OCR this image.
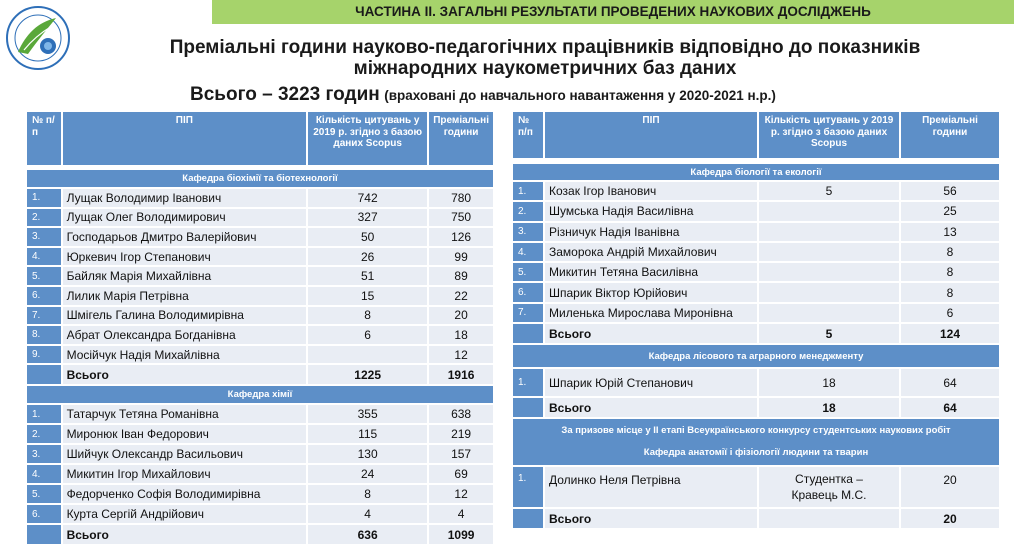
ЧАСТИНА ІІ. ЗАГАЛЬНІ РЕЗУЛЬТАТИ ПРОВЕДЕНИХ НАУКОВИХ ДОСЛІДЖЕНЬ
Преміальні години науково-педагогічних працівників відповідно до показників
міжнародних наукометричних баз даних
Всього – 3223 годин (враховані до навчального навантаження у 2020-2021 н.р.)
№ п/п	ПІП	Кількість цитувань у 2019 р. згідно з базою даних Scopus	Преміальні години

Кафедра біохімії та біотехнології			
1.	Лущак Володимир Іванович	742	780
2.	Лущак Олег Володимирович	327	750
3.	Господарьов Дмитро Валерійович	50	126
4.	Юркевич Ігор Степанович	26	99
5.	Байляк Марія Михайлівна	51	89
6.	Лилик Марія Петрівна	15	22
7.	Шмігель Галина Володимирівна	8	20
8.	Абрат Олександра Богданівна	6	18
9.	Мосійчук Надія Михайлівна		12
	Всього	1225	1916
Кафедра хімії			
1.	Татарчук Тетяна Романівна	355	638
2.	Миронюк Іван Федорович	115	219
3.	Шийчук Олександр Васильович	130	157
4.	Микитин Ігор Михайлович	24	69
5.	Федорченко Софія Володимирівна	8	12
6.	Курта Сергій Андрійович	4	4
	Всього	636	1099
№ п/п	ПІП	Кількість цитувань у 2019 р. згідно з базою даних Scopus	Преміальні години

Кафедра біології та екології			
1.	Козак Ігор Іванович	5	56
2.	Шумська Надія Василівна		25
3.	Різничук Надія Іванівна		13
4.	Заморока Андрій Михайлович		8
5.	Микитин Тетяна Василівна		8
6.	Шпарик Віктор Юрійович		8
7.	Миленька Мирослава Миронівна		6
	Всього	5	124
Кафедра лісового та аграрного менеджменту			
1.	Шпарик Юрій Степанович	18	64
	Всього	18	64

За призове місце у ІІ етапі Всеукраїнського конкурсу студентських наукових робіт
Кафедра анатомії і фізіології людини та тварин			

1.	Долинко Неля Петрівна	Студентка –
Кравець М.С.	20
	Всього		20
